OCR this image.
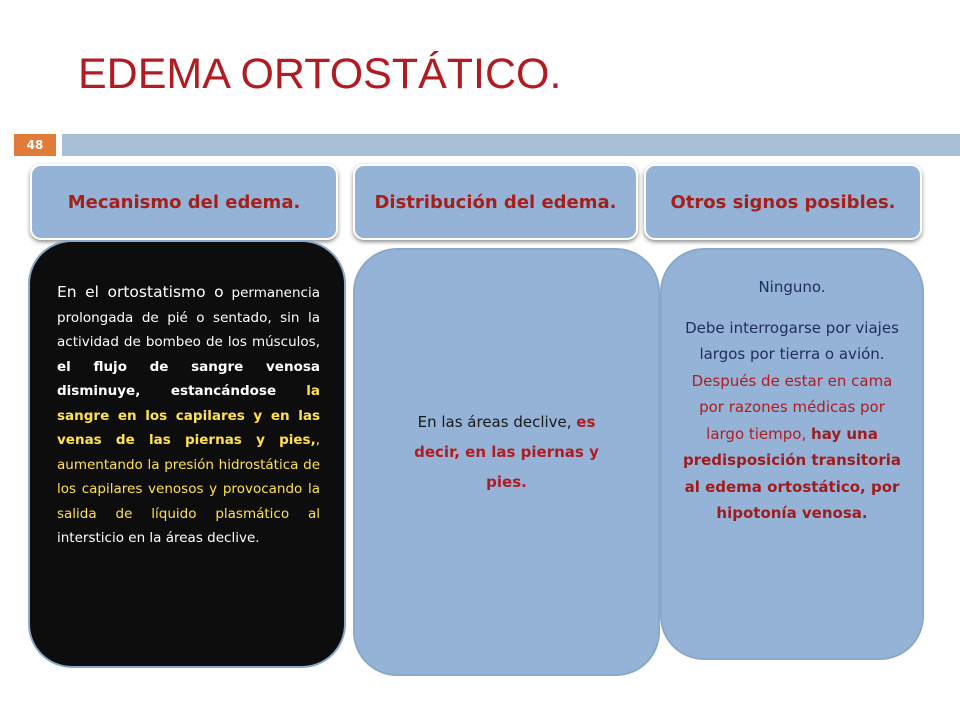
EDEMA ORTOSTÁTICO.
48
Mecanismo del edema.	Distribución del edema.	Otros signos posibles.

En el ortostatismo o permanencia prolongada de pié o sentado, sin la actividad de bombeo de los músculos, el flujo de sangre venosa disminuye, estancándose la sangre en los capilares y en las venas de las piernas y pies,, aumentando la presión hidrostática de los capilares venosos y provocando la salida de líquido plasmático al intersticio en la áreas declive.

En las áreas declive, es decir, en las piernas y pies.

Ninguno.

Debe interrogarse por viajes largos por tierra o avión.

Después de estar en cama por razones médicas por largo tiempo, hay una predisposición transitoria al edema ortostático, por hipotonía venosa.
